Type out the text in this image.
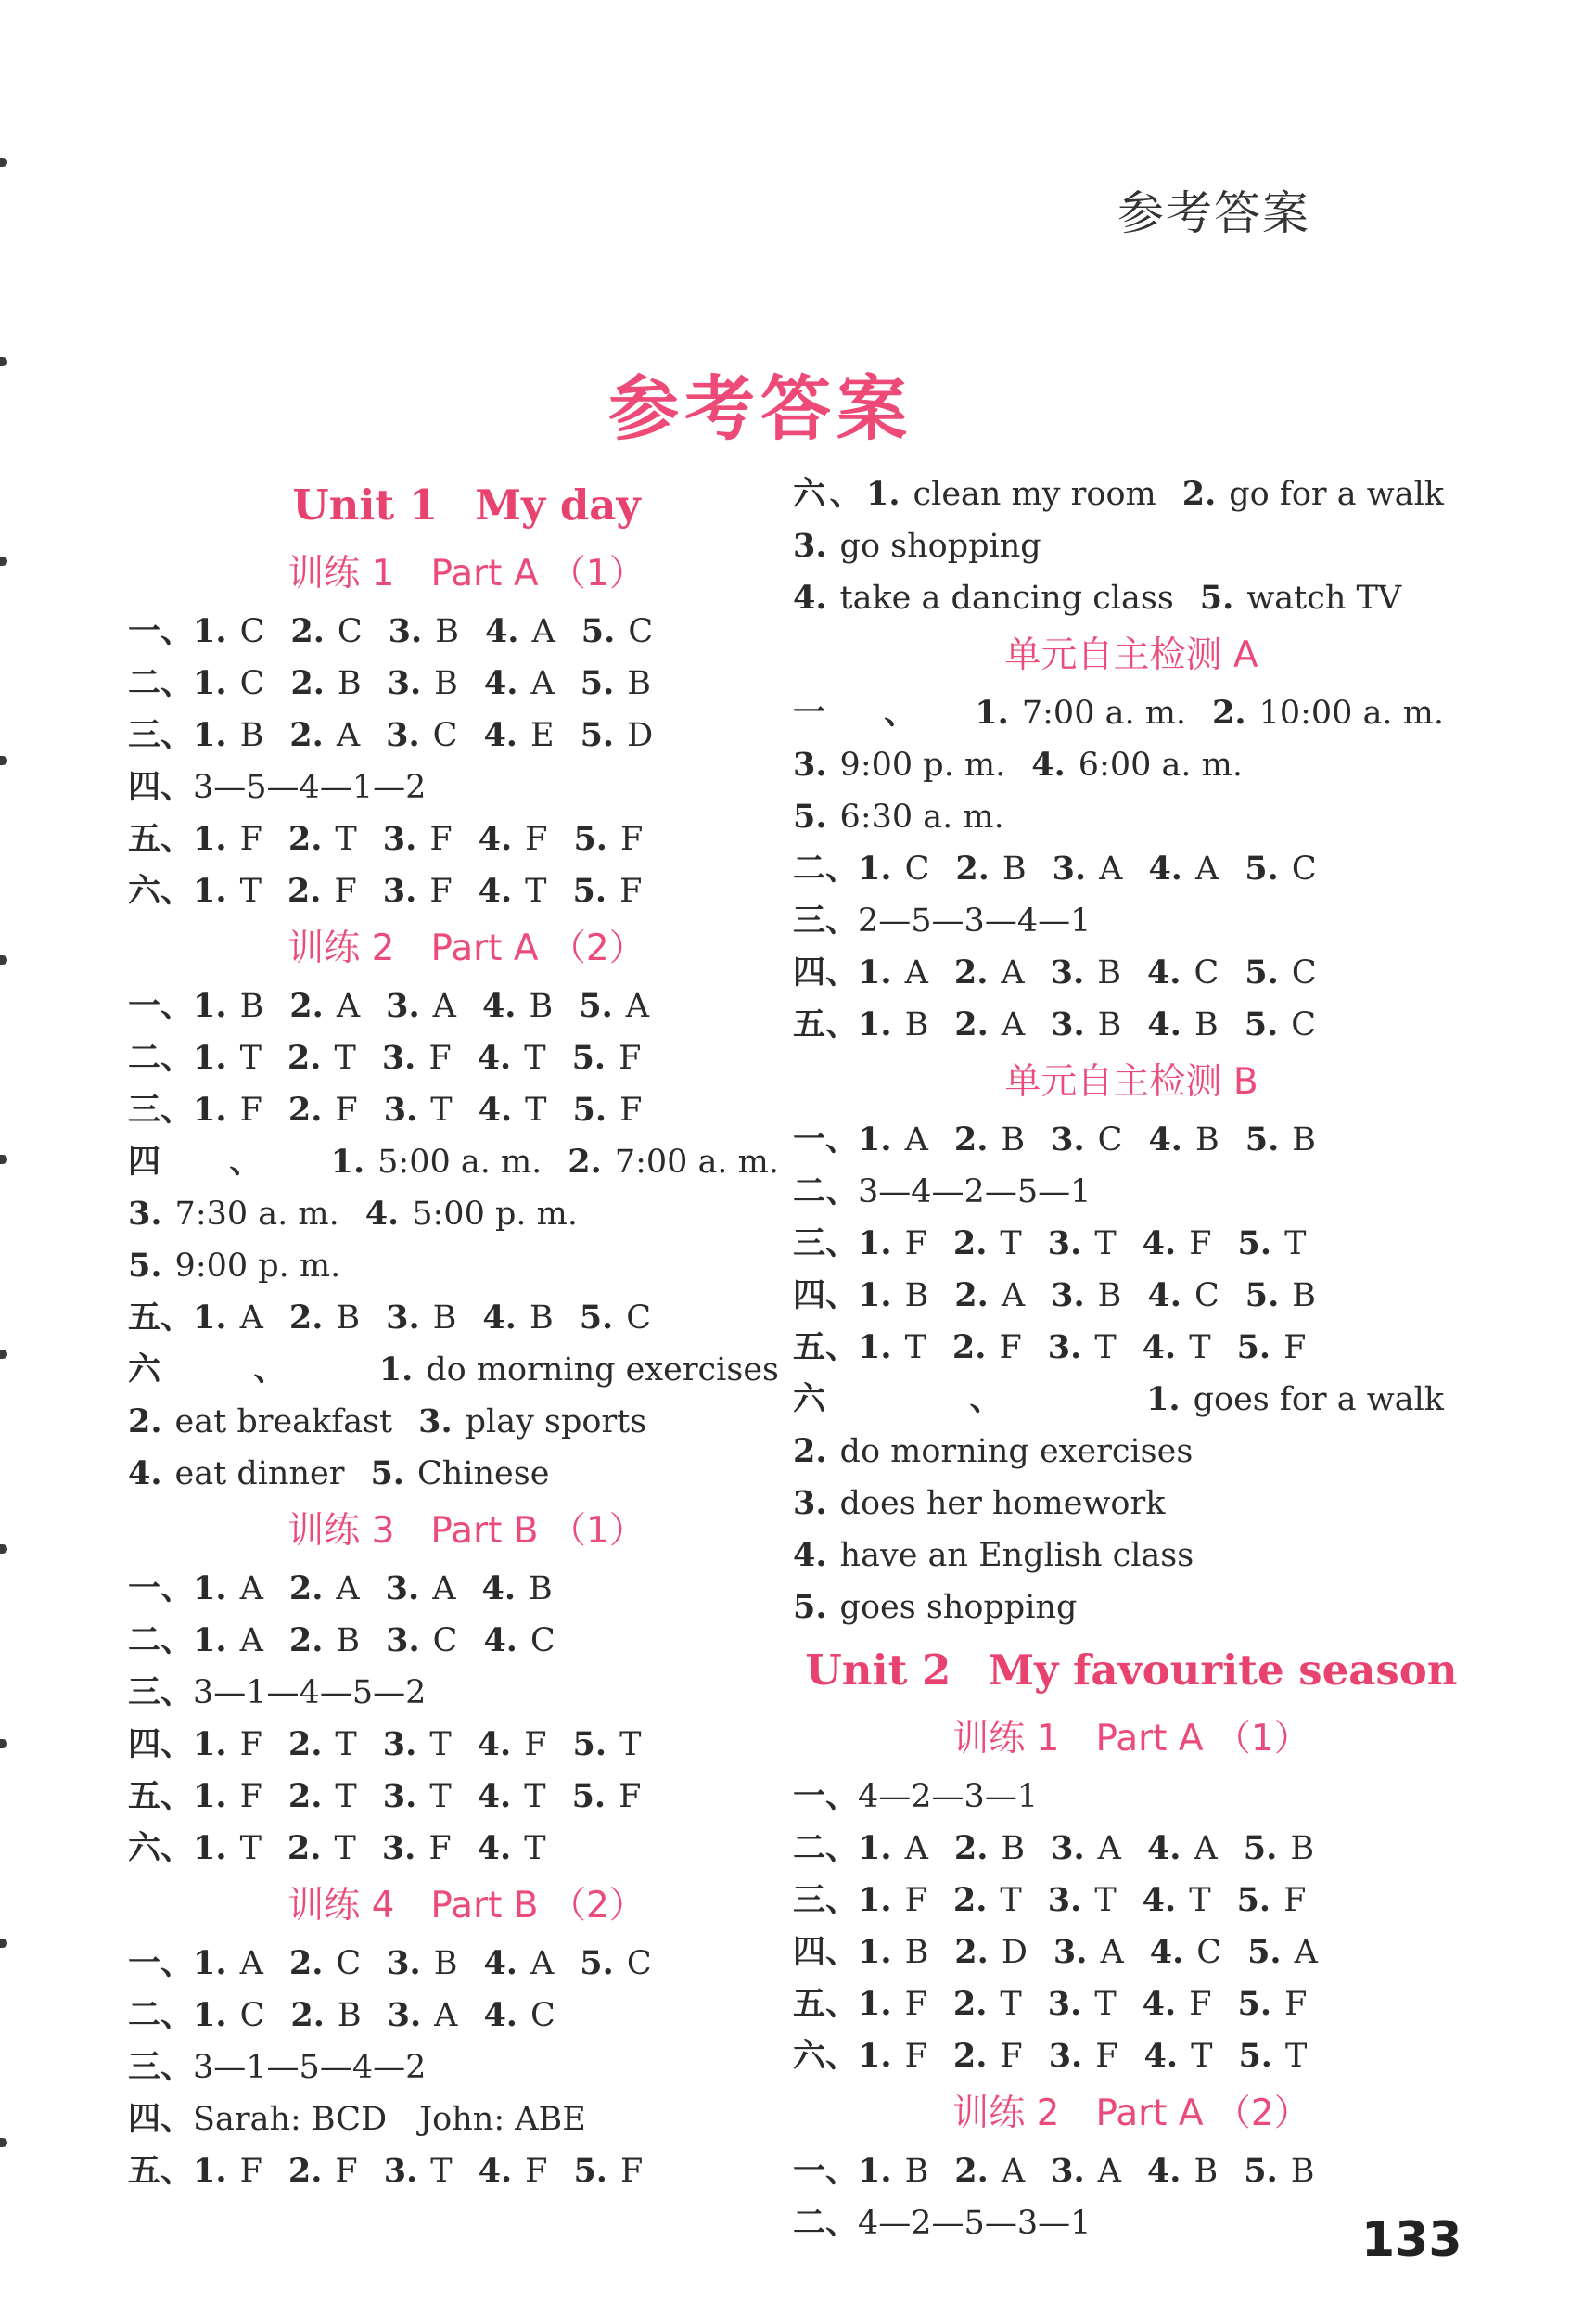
参考答案
参考答案
Unit 1 My day
训练 1　Part A （1）
一、1. C 2. C 3. B 4. A 5. C
二、1. C 2. B 3. B 4. A 5. B
三、1. B 2. A 3. C 4. E 5. D
四、3—5—4—1—2
五、1. F 2. T 3. F 4. F 5. F
六、1. T 2. F 3. F 4. T 5. F
训练 2　Part A （2）
一、1. B 2. A 3. A 4. B 5. A
二、1. T 2. T 3. F 4. T 5. F
三、1. F 2. F 3. T 4. T 5. F
四、1. 5:00 a. m. 2. 7:00 a. m.3. 7:30 a. m. 4. 5:00 p. m.5. 9:00 p. m.
五、1. A 2. B 3. B 4. B 5. C
六、1. do morning exercises2. eat breakfast 3. play sports4. eat dinner 5. Chinese
训练 3　Part B （1）
一、1. A 2. A 3. A 4. B
二、1. A 2. B 3. C 4. C
三、3—1—4—5—2
四、1. F 2. T 3. T 4. F 5. T
五、1. F 2. T 3. T 4. T 5. F
六、1. T 2. T 3. F 4. T
训练 4　Part B （2）
一、1. A 2. C 3. B 4. A 5. C
二、1. C 2. B 3. A 4. C
三、3—1—5—4—2
四、Sarah: BCD　John: ABE
五、1. F 2. F 3. T 4. F 5. F
六、1. clean my room 2. go for a walk3. go shopping4. take a dancing class 5. watch TV
单元自主检测 A
一、1. 7:00 a. m. 2. 10:00 a. m.3. 9:00 p. m. 4. 6:00 a. m.5. 6:30 a. m.
二、1. C 2. B 3. A 4. A 5. C
三、2—5—3—4—1
四、1. A 2. A 3. B 4. C 5. C
五、1. B 2. A 3. B 4. B 5. C
单元自主检测 B
一、1. A 2. B 3. C 4. B 5. B
二、3—4—2—5—1
三、1. F 2. T 3. T 4. F 5. T
四、1. B 2. A 3. B 4. C 5. B
五、1. T 2. F 3. T 4. T 5. F
六、1. goes for a walk2. do morning exercises3. does her homework4. have an English class5. goes shopping
Unit 2 My favourite season
训练 1　Part A （1）
一、4—2—3—1
二、1. A 2. B 3. A 4. A 5. B
三、1. F 2. T 3. T 4. T 5. F
四、1. B 2. D 3. A 4. C 5. A
五、1. F 2. T 3. T 4. F 5. F
六、1. F 2. F 3. F 4. T 5. T
训练 2　Part A （2）
一、1. B 2. A 3. A 4. B 5. B
二、4—2—5—3—1	133
